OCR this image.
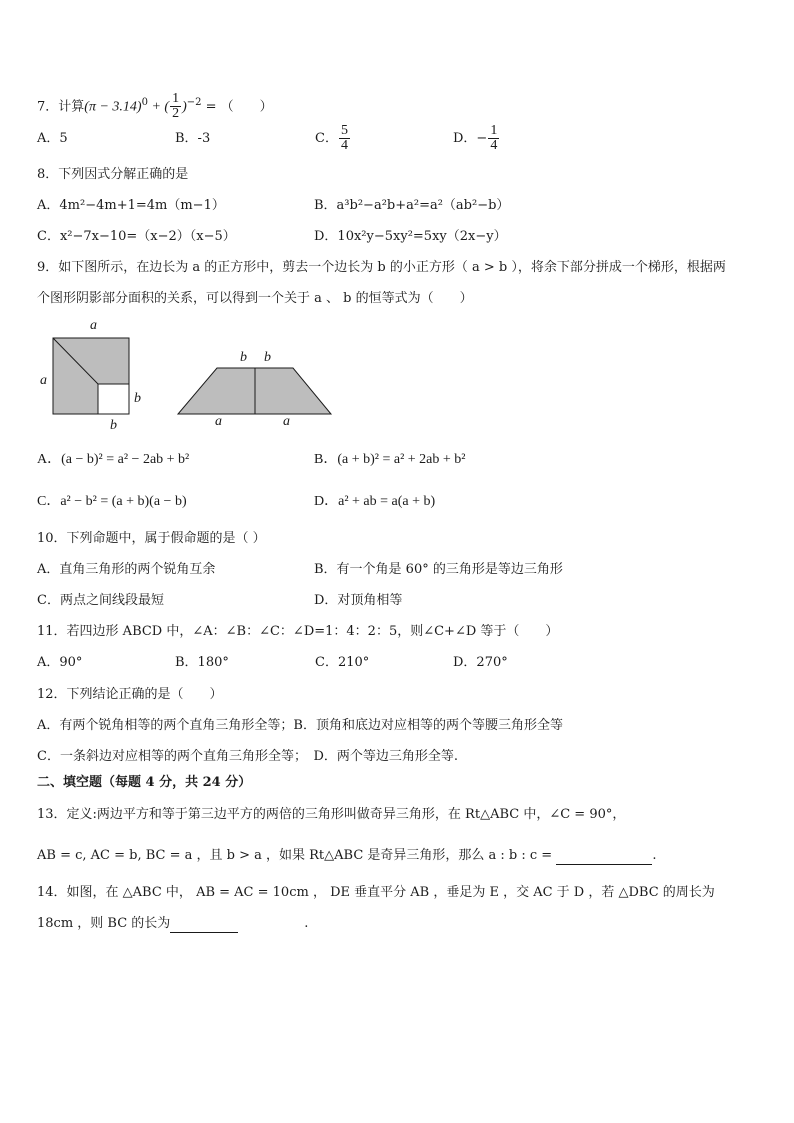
7．计算$(\pi - 3.14)^0$ + ( $\frac{1}{2} )^{-2}$ = （　　）
A．5	B．-3	C． $\frac{5}{4}$	D．− $\frac{1}{4}$
8．下列因式分解正确的是
A．4m²−4m+1=4m（m−1）	B．a³b²−a²b+a²=a²（ab²−b）
C．x²−7x−10=（x−2）（x−5）	D．10x²y−5xy²=5xy（2x−y）
9．如下图所示，在边长为 a 的正方形中，剪去一个边长为 b 的小正方形（ a > b ），将余下部分拼成一个梯形，根据两
个图形阴影部分面积的关系，可以得到一个关于 a 、 b 的恒等式为（　　）
a
a
b
b
b b
a	a
A．(a − b)² = a² − 2ab + b²	B．(a + b)² = a² + 2ab + b²
C．a² − b² = (a + b)(a − b)	D．a² + ab = a(a + b)
10．下列命题中，属于假命题的是（ ）
A．直角三角形的两个锐角互余	B．有一个角是 60° 的三角形是等边三角形
C．两点之间线段最短	D．对顶角相等
11．若四边形 ABCD 中，∠A：∠B：∠C：∠D=1：4：2：5，则∠C+∠D 等于（　　）
A．90°	B．180°	C．210°	D．270°
12．下列结论正确的是（　　）
A．有两个锐角相等的两个直角三角形全等；B．顶角和底边对应相等的两个等腰三角形全等
C．一条斜边对应相等的两个直角三角形全等；　D．两个等边三角形全等.
二、填空题（每题 4 分，共 24 分）
13．定义:两边平方和等于第三边平方的两倍的三角形叫做奇异三角形，在 Rt△ABC 中，∠C = 90°，
AB = c, AC = b, BC = a ，且 b > a ，如果 Rt△ABC 是奇异三角形，那么 a : b : c =	.
14．如图，在 △ABC 中， AB = AC = 10cm ， DE 垂直平分 AB ，垂足为 E ，交 AC 于 D ，若 △DBC 的周长为
18cm ，则 BC 的长为	.
